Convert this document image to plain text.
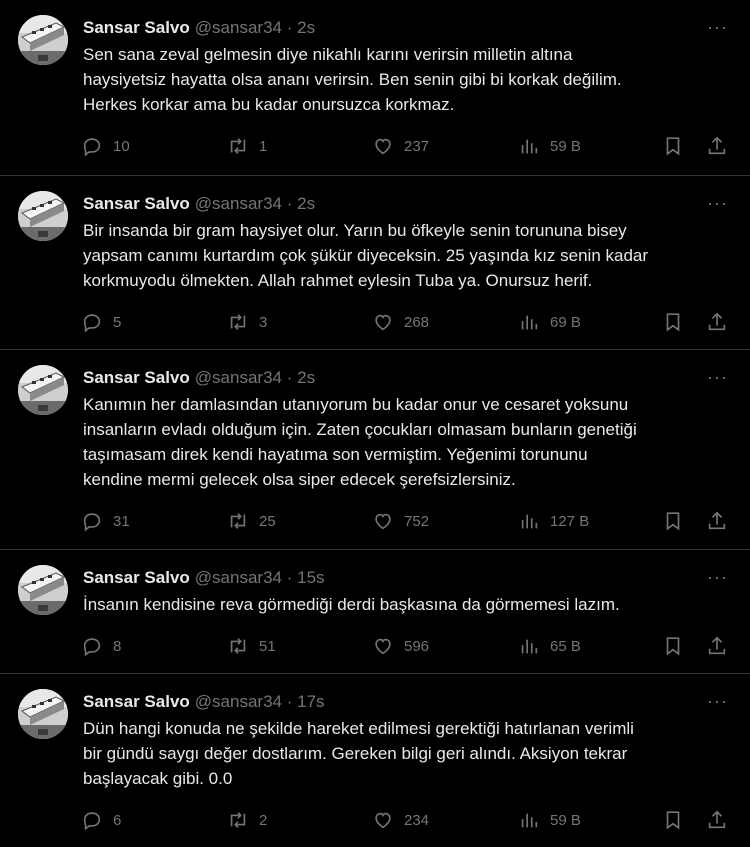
Sansar Salvo @sansar34 · 2s	···
Sen sana zeval gelmesin diye nikahlı karını verirsin milletin altına
haysiyetsiz hayatta olsa ananı verirsin. Ben senin gibi bi korkak değilim.
Herkes korkar ama bu kadar onursuzca korkmaz.
10	1	237	59 B
Sansar Salvo @sansar34 · 2s	···
Bir insanda bir gram haysiyet olur. Yarın bu öfkeyle senin torununa bisey
yapsam canımı kurtardım çok şükür diyeceksin. 25 yaşında kız senin kadar
korkmuyodu ölmekten. Allah rahmet eylesin Tuba ya. Onursuz herif.
5	3	268	69 B
Sansar Salvo @sansar34 · 2s	···
Kanımın her damlasından utanıyorum bu kadar onur ve cesaret yoksunu
insanların evladı olduğum için. Zaten çocukları olmasam bunların genetiği
taşımasam direk kendi hayatıma son vermiştim. Yeğenimi torununu
kendine mermi gelecek olsa siper edecek şerefsizlersiniz.
31	25	752	127 B
Sansar Salvo @sansar34 · 15s	···
İnsanın kendisine reva görmediği derdi başkasına da görmemesi lazım.
8	51	596	65 B
Sansar Salvo @sansar34 · 17s	···
Dün hangi konuda ne şekilde hareket edilmesi gerektiği hatırlanan verimli
bir gündü saygı değer dostlarım. Gereken bilgi geri alındı. Aksiyon tekrar
başlayacak gibi. 0.0
6	2	234	59 B
